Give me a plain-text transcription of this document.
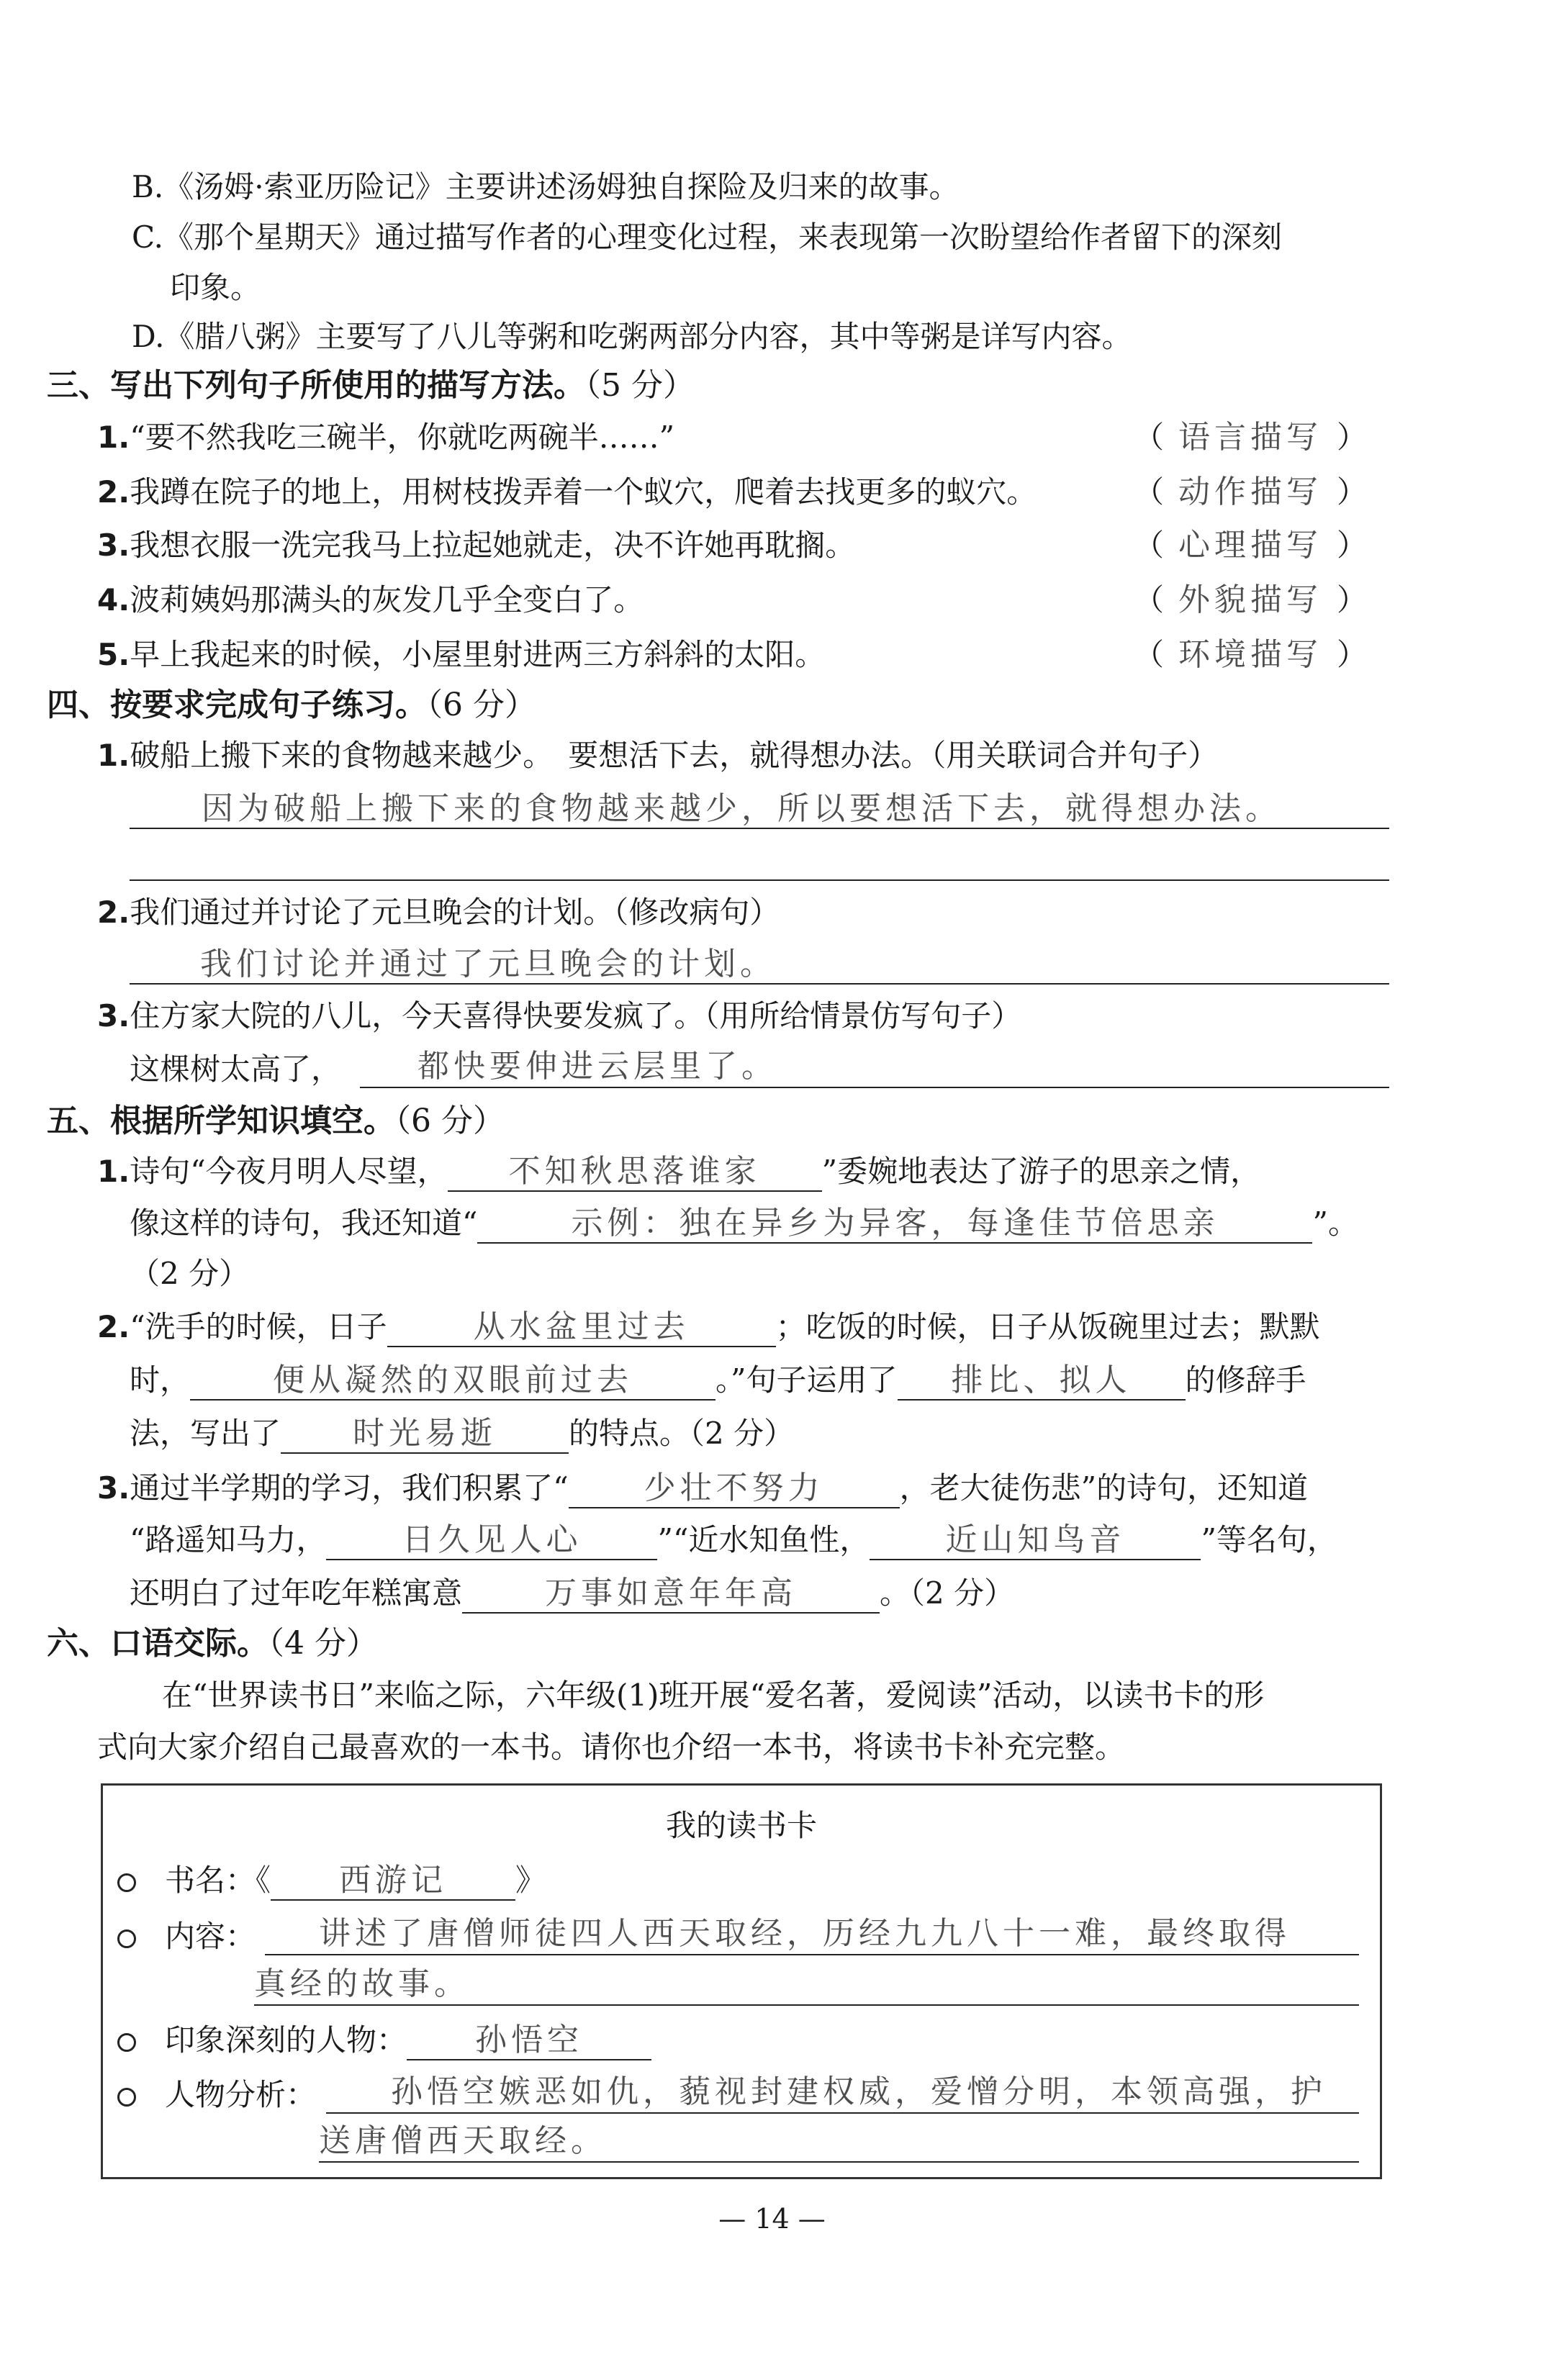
B.《汤姆·索亚历险记》主要讲述汤姆独自探险及归来的故事。
C.《那个星期天》通过描写作者的心理变化过程，来表现第一次盼望给作者留下的深刻
印象。
D.《腊八粥》主要写了八儿等粥和吃粥两部分内容，其中等粥是详写内容。
三、写出下列句子所使用的描写方法。（5 分）
1.“要不然我吃三碗半，你就吃两碗半……”	（ 语言描写 ）
2.我蹲在院子的地上，用树枝拨弄着一个蚁穴，爬着去找更多的蚁穴。	（ 动作描写 ）
3.我想衣服一洗完我马上拉起她就走，决不许她再耽搁。	（ 心理描写 ）
4.波莉姨妈那满头的灰发几乎全变白了。	（ 外貌描写 ）
5.早上我起来的时候，小屋里射进两三方斜斜的太阳。	（ 环境描写 ）
四、按要求完成句子练习。（6 分）
1.破船上搬下来的食物越来越少。　要想活下去，就得想办法。（用关联词合并句子）
因为破船上搬下来的食物越来越少，所以要想活下去，就得想办法。
2.我们通过并讨论了元旦晚会的计划。（修改病句）
我们讨论并通过了元旦晚会的计划。
3.住方家大院的八儿，今天喜得快要发疯了。（用所给情景仿写句子）
这棵树太高了， 都快要伸进云层里了。
五、根据所学知识填空。（6 分）
1.诗句“今夜月明人尽望， 不知秋思落谁家 ”委婉地表达了游子的思亲之情，
像这样的诗句，我还知道“	示例：独在异乡为异客，每逢佳节倍思亲	”。
（2 分）
2.“洗手的时候，日子	从水盆里过去	；吃饭的时候，日子从饭碗里过去；默默
时，	便从凝然的双眼前过去	。”句子运用了 排比、拟人 的修辞手
法，写出了 时光易逝 的特点。（2 分）
3.通过半学期的学习，我们积累了“ 少壮不努力	，老大徒伤悲”的诗句，还知道
“路遥知马力， 日久见人心	”“近水知鱼性， 近山知鸟音	”等名句，
还明白了过年吃年糕寓意	万事如意年年高	。（2 分）
六、口语交际。（4 分）
在“世界读书日”来临之际，六年级(1)班开展“爱名著，爱阅读”活动，以读书卡的形
式向大家介绍自己最喜欢的一本书。请你也介绍一本书，将读书卡补充完整。
我的读书卡
书名：《 西游记 》
内容： 讲述了唐僧师徒四人西天取经，历经九九八十一难，最终取得
真经的故事。
印象深刻的人物： 孙悟空
人物分析： 孙悟空嫉恶如仇，藐视封建权威，爱憎分明，本领高强，护
送唐僧西天取经。
— 14 —
